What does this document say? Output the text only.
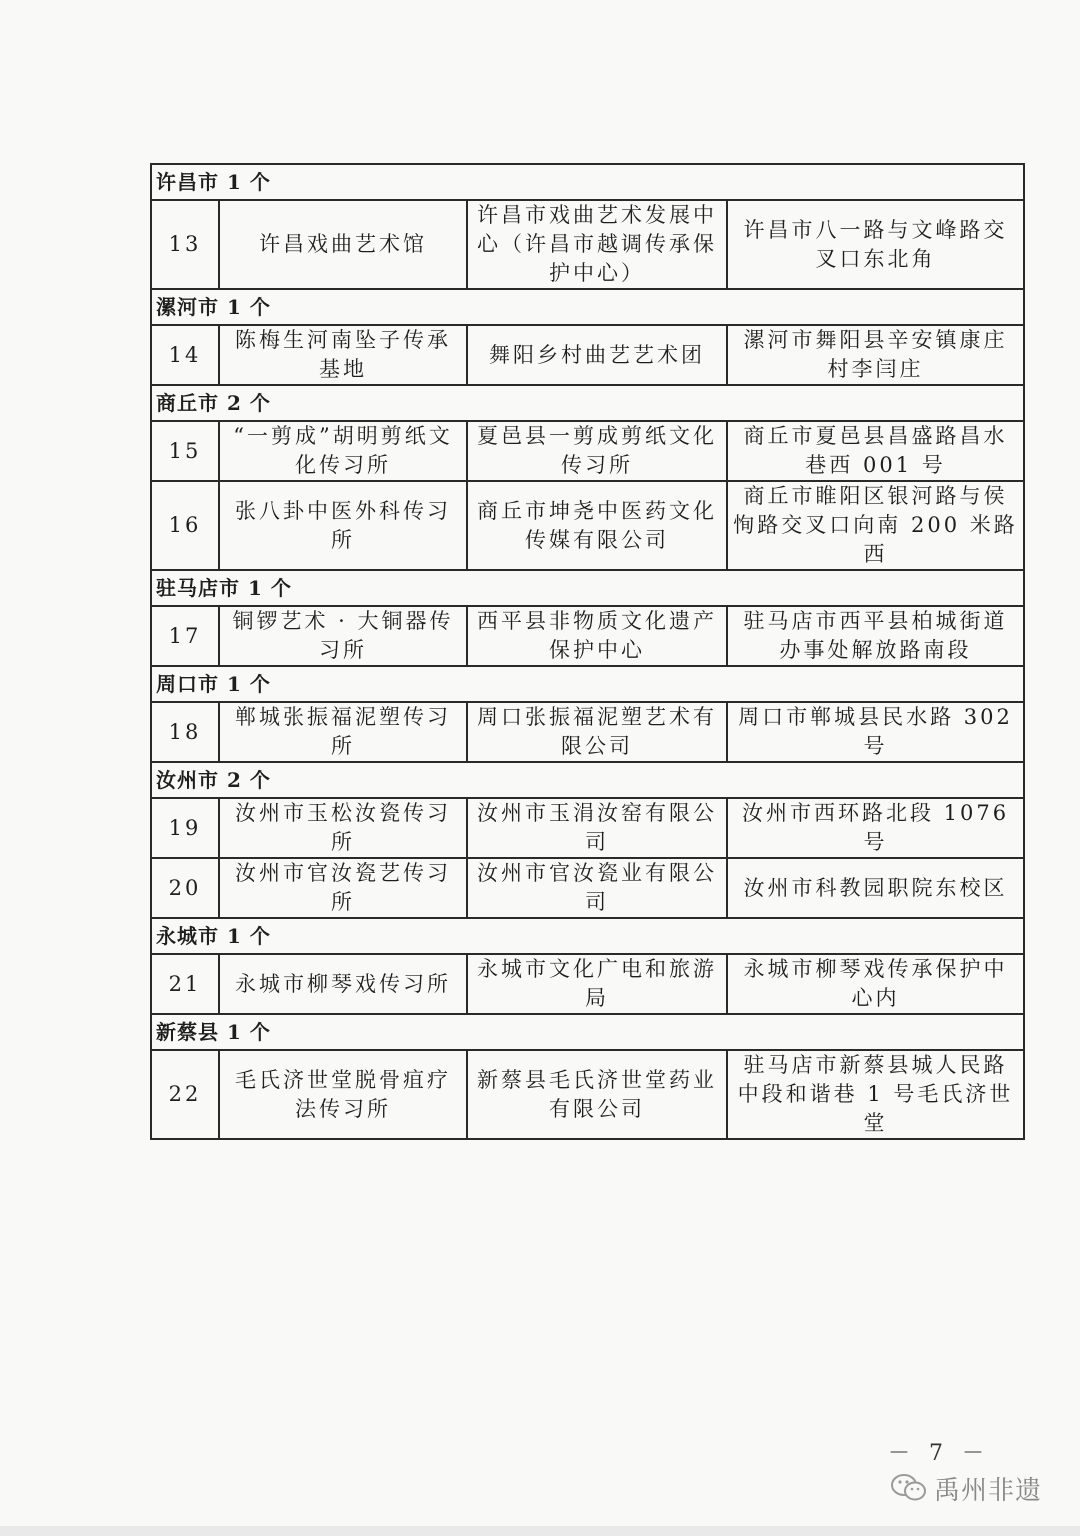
许昌市 1 个			
13	许昌戏曲艺术馆	许昌市戏曲艺术发展中心（许昌市越调传承保护中心）	许昌市八一路与文峰路交叉口东北角
漯河市 1 个			
14	陈梅生河南坠子传承基地	舞阳乡村曲艺艺术团	漯河市舞阳县辛安镇康庄村李闫庄
商丘市 2 个			
15	“一剪成”胡明剪纸文化传习所	夏邑县一剪成剪纸文化传习所	商丘市夏邑县昌盛路昌水巷西 001 号
16	张八卦中医外科传习所	商丘市坤尧中医药文化传媒有限公司	商丘市睢阳区银河路与侯恂路交叉口向南 200 米路西
驻马店市 1 个			
17	铜锣艺术 · 大铜器传习所	西平县非物质文化遗产保护中心	驻马店市西平县柏城街道办事处解放路南段
周口市 1 个			
18	郸城张振福泥塑传习所	周口张振福泥塑艺术有限公司	周口市郸城县民水路 302 号
汝州市 2 个			
19	汝州市玉松汝瓷传习所	汝州市玉涓汝窑有限公司	汝州市西环路北段 1076 号
20	汝州市官汝瓷艺传习所	汝州市官汝瓷业有限公司	汝州市科教园职院东校区
永城市 1 个			
21	永城市柳琴戏传习所	永城市文化广电和旅游局	永城市柳琴戏传承保护中心内
新蔡县 1 个			
22	毛氏济世堂脱骨疽疗法传习所	新蔡县毛氏济世堂药业有限公司	驻马店市新蔡县城人民路中段和谐巷 1 号毛氏济世堂
－ 7 －
禹州非遗
